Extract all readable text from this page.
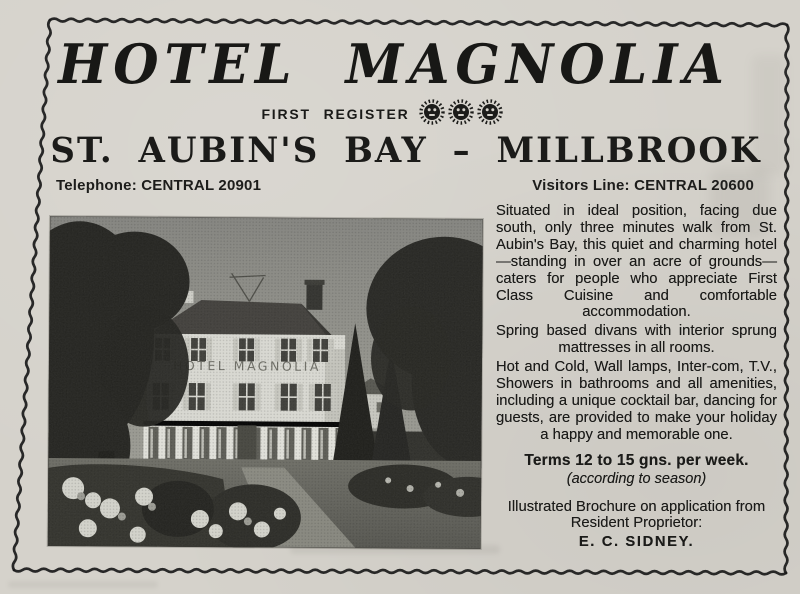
HOTEL MAGNOLIA
FIRST REGISTER
ST. AUBIN'S BAY – MILLBROOK
Telephone: CENTRAL 20901	Visitors Line: CENTRAL 20600

Situated in ideal position, facing due south, only three minutes walk from St. Aubin's Bay, this quiet and charming hotel—standing in over an acre of grounds—caters for people who appreciate First Class Cuisine and comfortable accommodation.

Spring based divans with interior sprung mattresses in all rooms.

Hot and Cold, Wall lamps, Inter-com, T.V., Showers in bathrooms and all amenities, including a unique cocktail bar, dancing for guests, are provided to make your holiday a happy and memorable one.

Terms 12 to 15 gns. per week.
(according to season)
Illustrated Brochure on application from Resident Proprietor:
E. C. SIDNEY.
